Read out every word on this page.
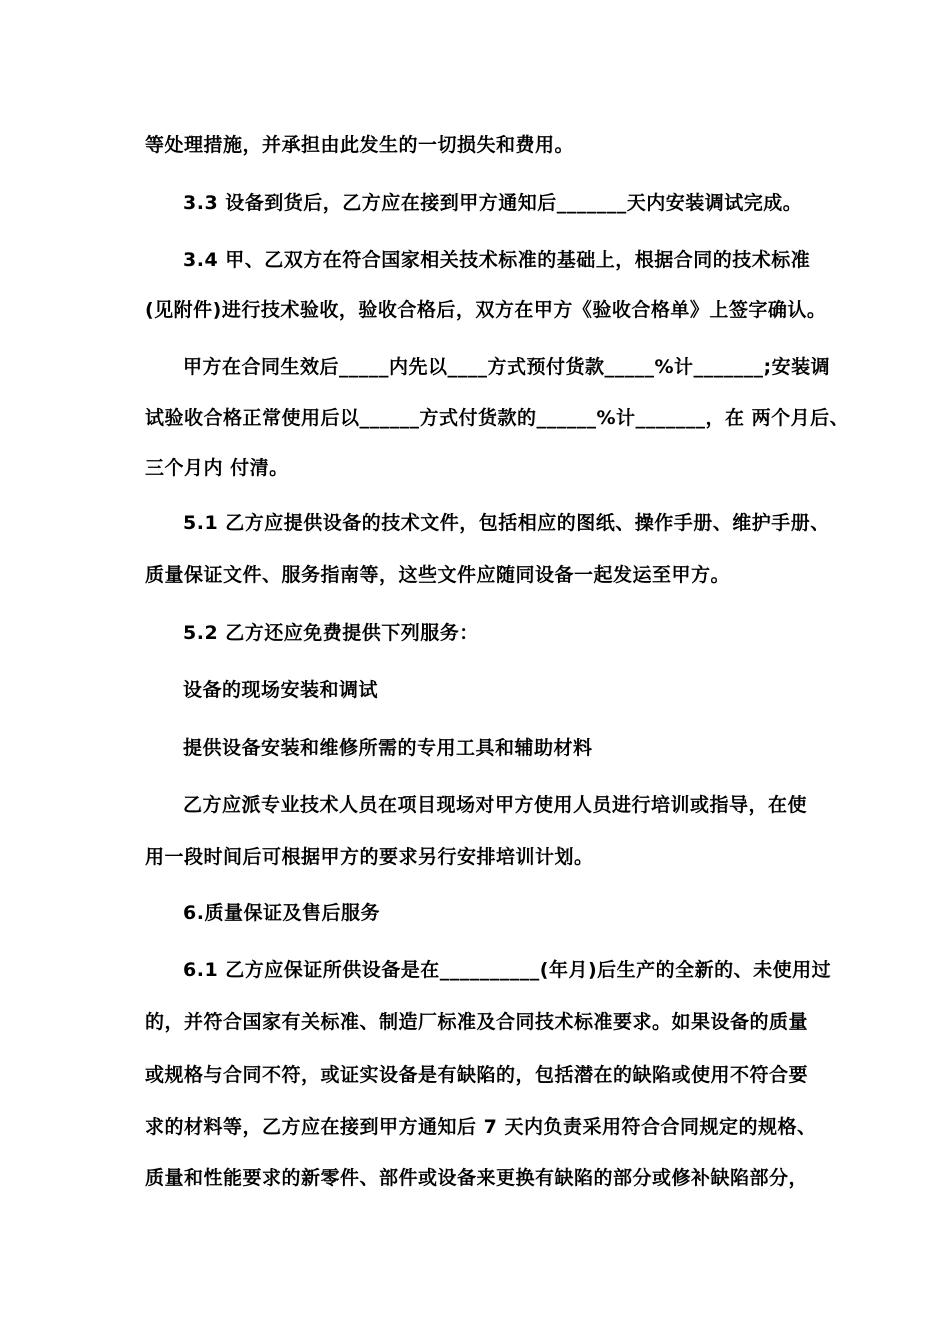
等处理措施，并承担由此发生的一切损失和费用。
3.3 设备到货后，乙方应在接到甲方通知后_______天内安装调试完成。
3.4 甲、乙双方在符合国家相关技术标准的基础上，根据合同的技术标准
(见附件)进行技术验收，验收合格后，双方在甲方《验收合格单》上签字确认。
甲方在合同生效后_____内先以____方式预付货款_____%计_______;安装调
试验收合格正常使用后以______方式付货款的______%计_______，在 两个月后、
三个月内 付清。
5.1 乙方应提供设备的技术文件，包括相应的图纸、操作手册、维护手册、
质量保证文件、服务指南等，这些文件应随同设备一起发运至甲方。
5.2 乙方还应免费提供下列服务：
设备的现场安装和调试
提供设备安装和维修所需的专用工具和辅助材料
乙方应派专业技术人员在项目现场对甲方使用人员进行培训或指导，在使
用一段时间后可根据甲方的要求另行安排培训计划。
6.质量保证及售后服务
6.1 乙方应保证所供设备是在__________(年月)后生产的全新的、未使用过
的，并符合国家有关标准、制造厂标准及合同技术标准要求。如果设备的质量
或规格与合同不符，或证实设备是有缺陷的，包括潜在的缺陷或使用不符合要
求的材料等，乙方应在接到甲方通知后 7 天内负责采用符合合同规定的规格、
质量和性能要求的新零件、部件或设备来更换有缺陷的部分或修补缺陷部分，
